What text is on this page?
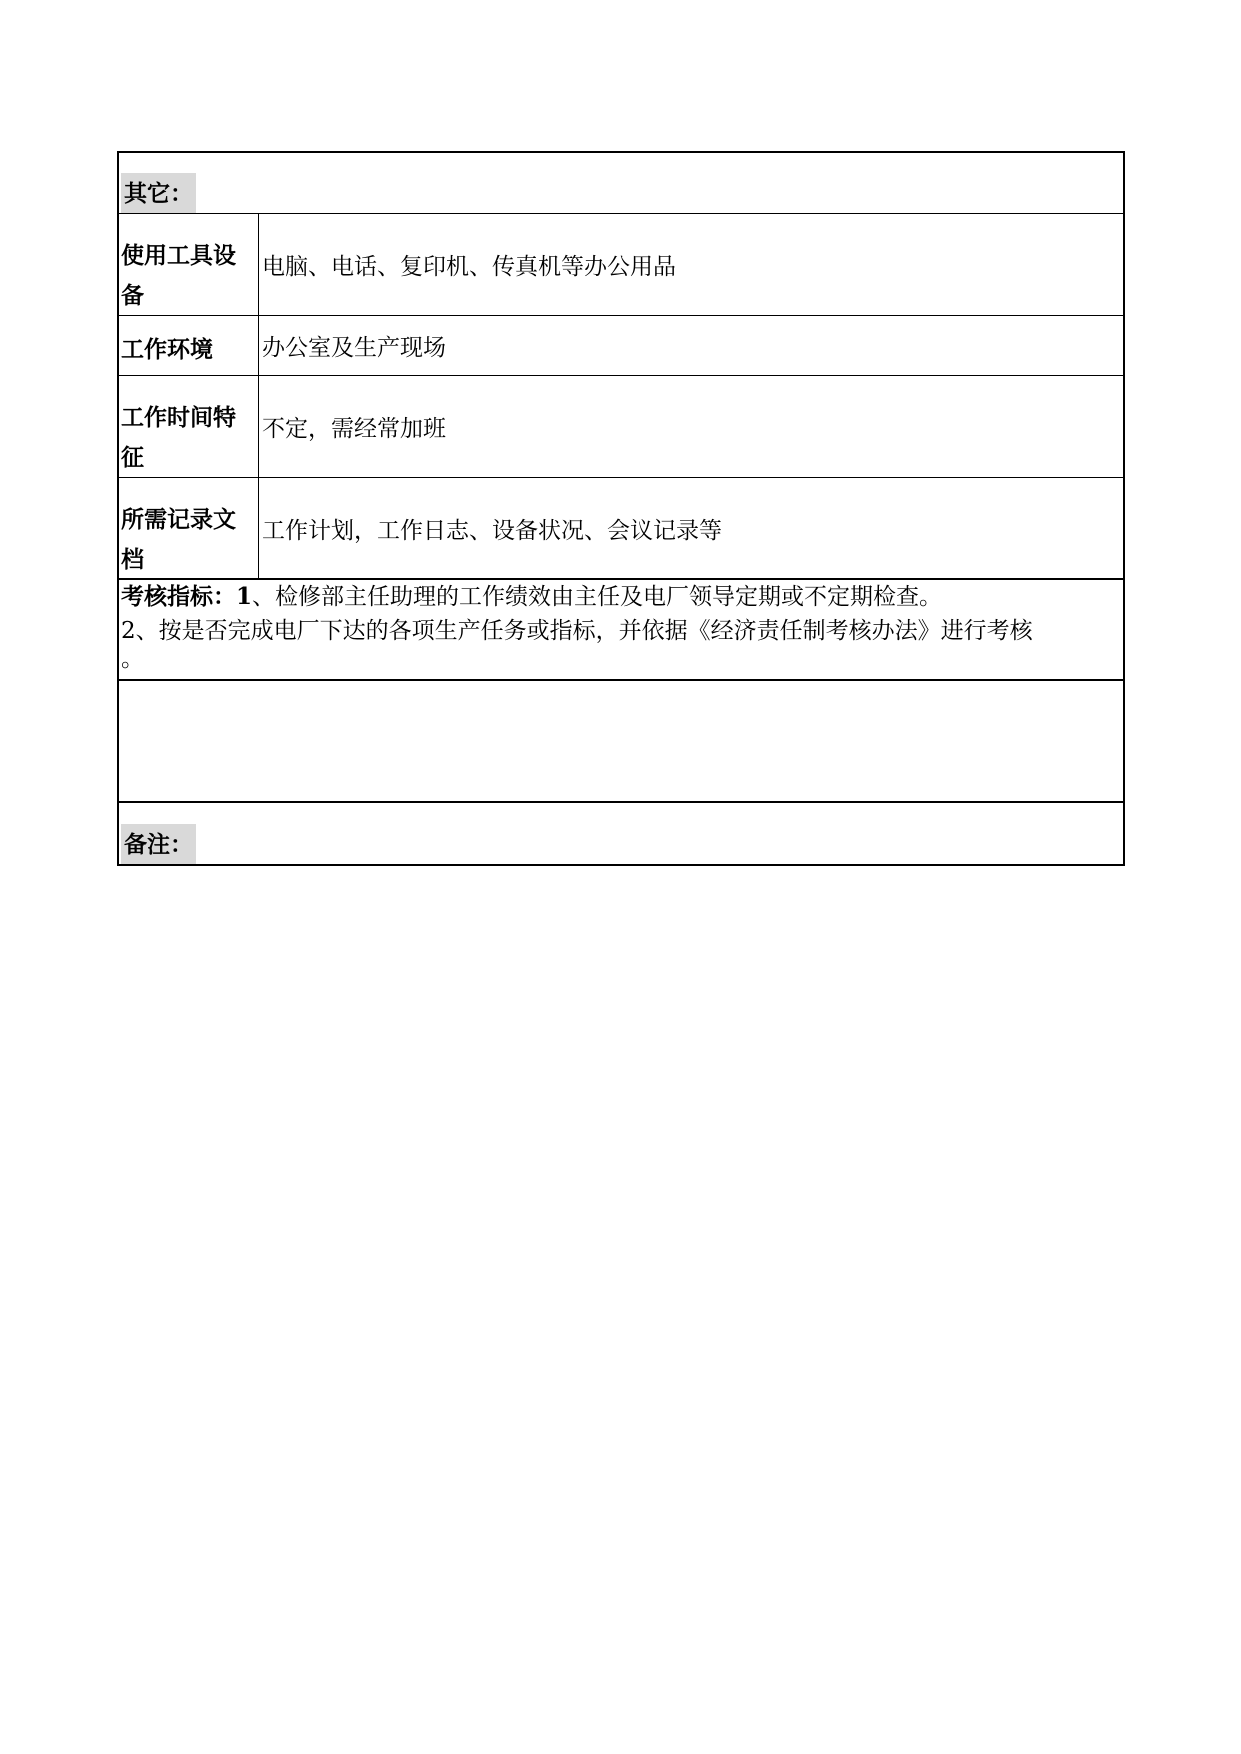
其它：
使用工具设备
电脑、电话、复印机、传真机等办公用品
工作环境	办公室及生产现场
工作时间特征
不定，需经常加班
所需记录文档
工作计划，工作日志、设备状况、会议记录等
考核指标：1、检修部主任助理的工作绩效由主任及电厂领导定期或不定期检查。
2、按是否完成电厂下达的各项生产任务或指标，并依据《经济责任制考核办法》进行考核
。
备注：
